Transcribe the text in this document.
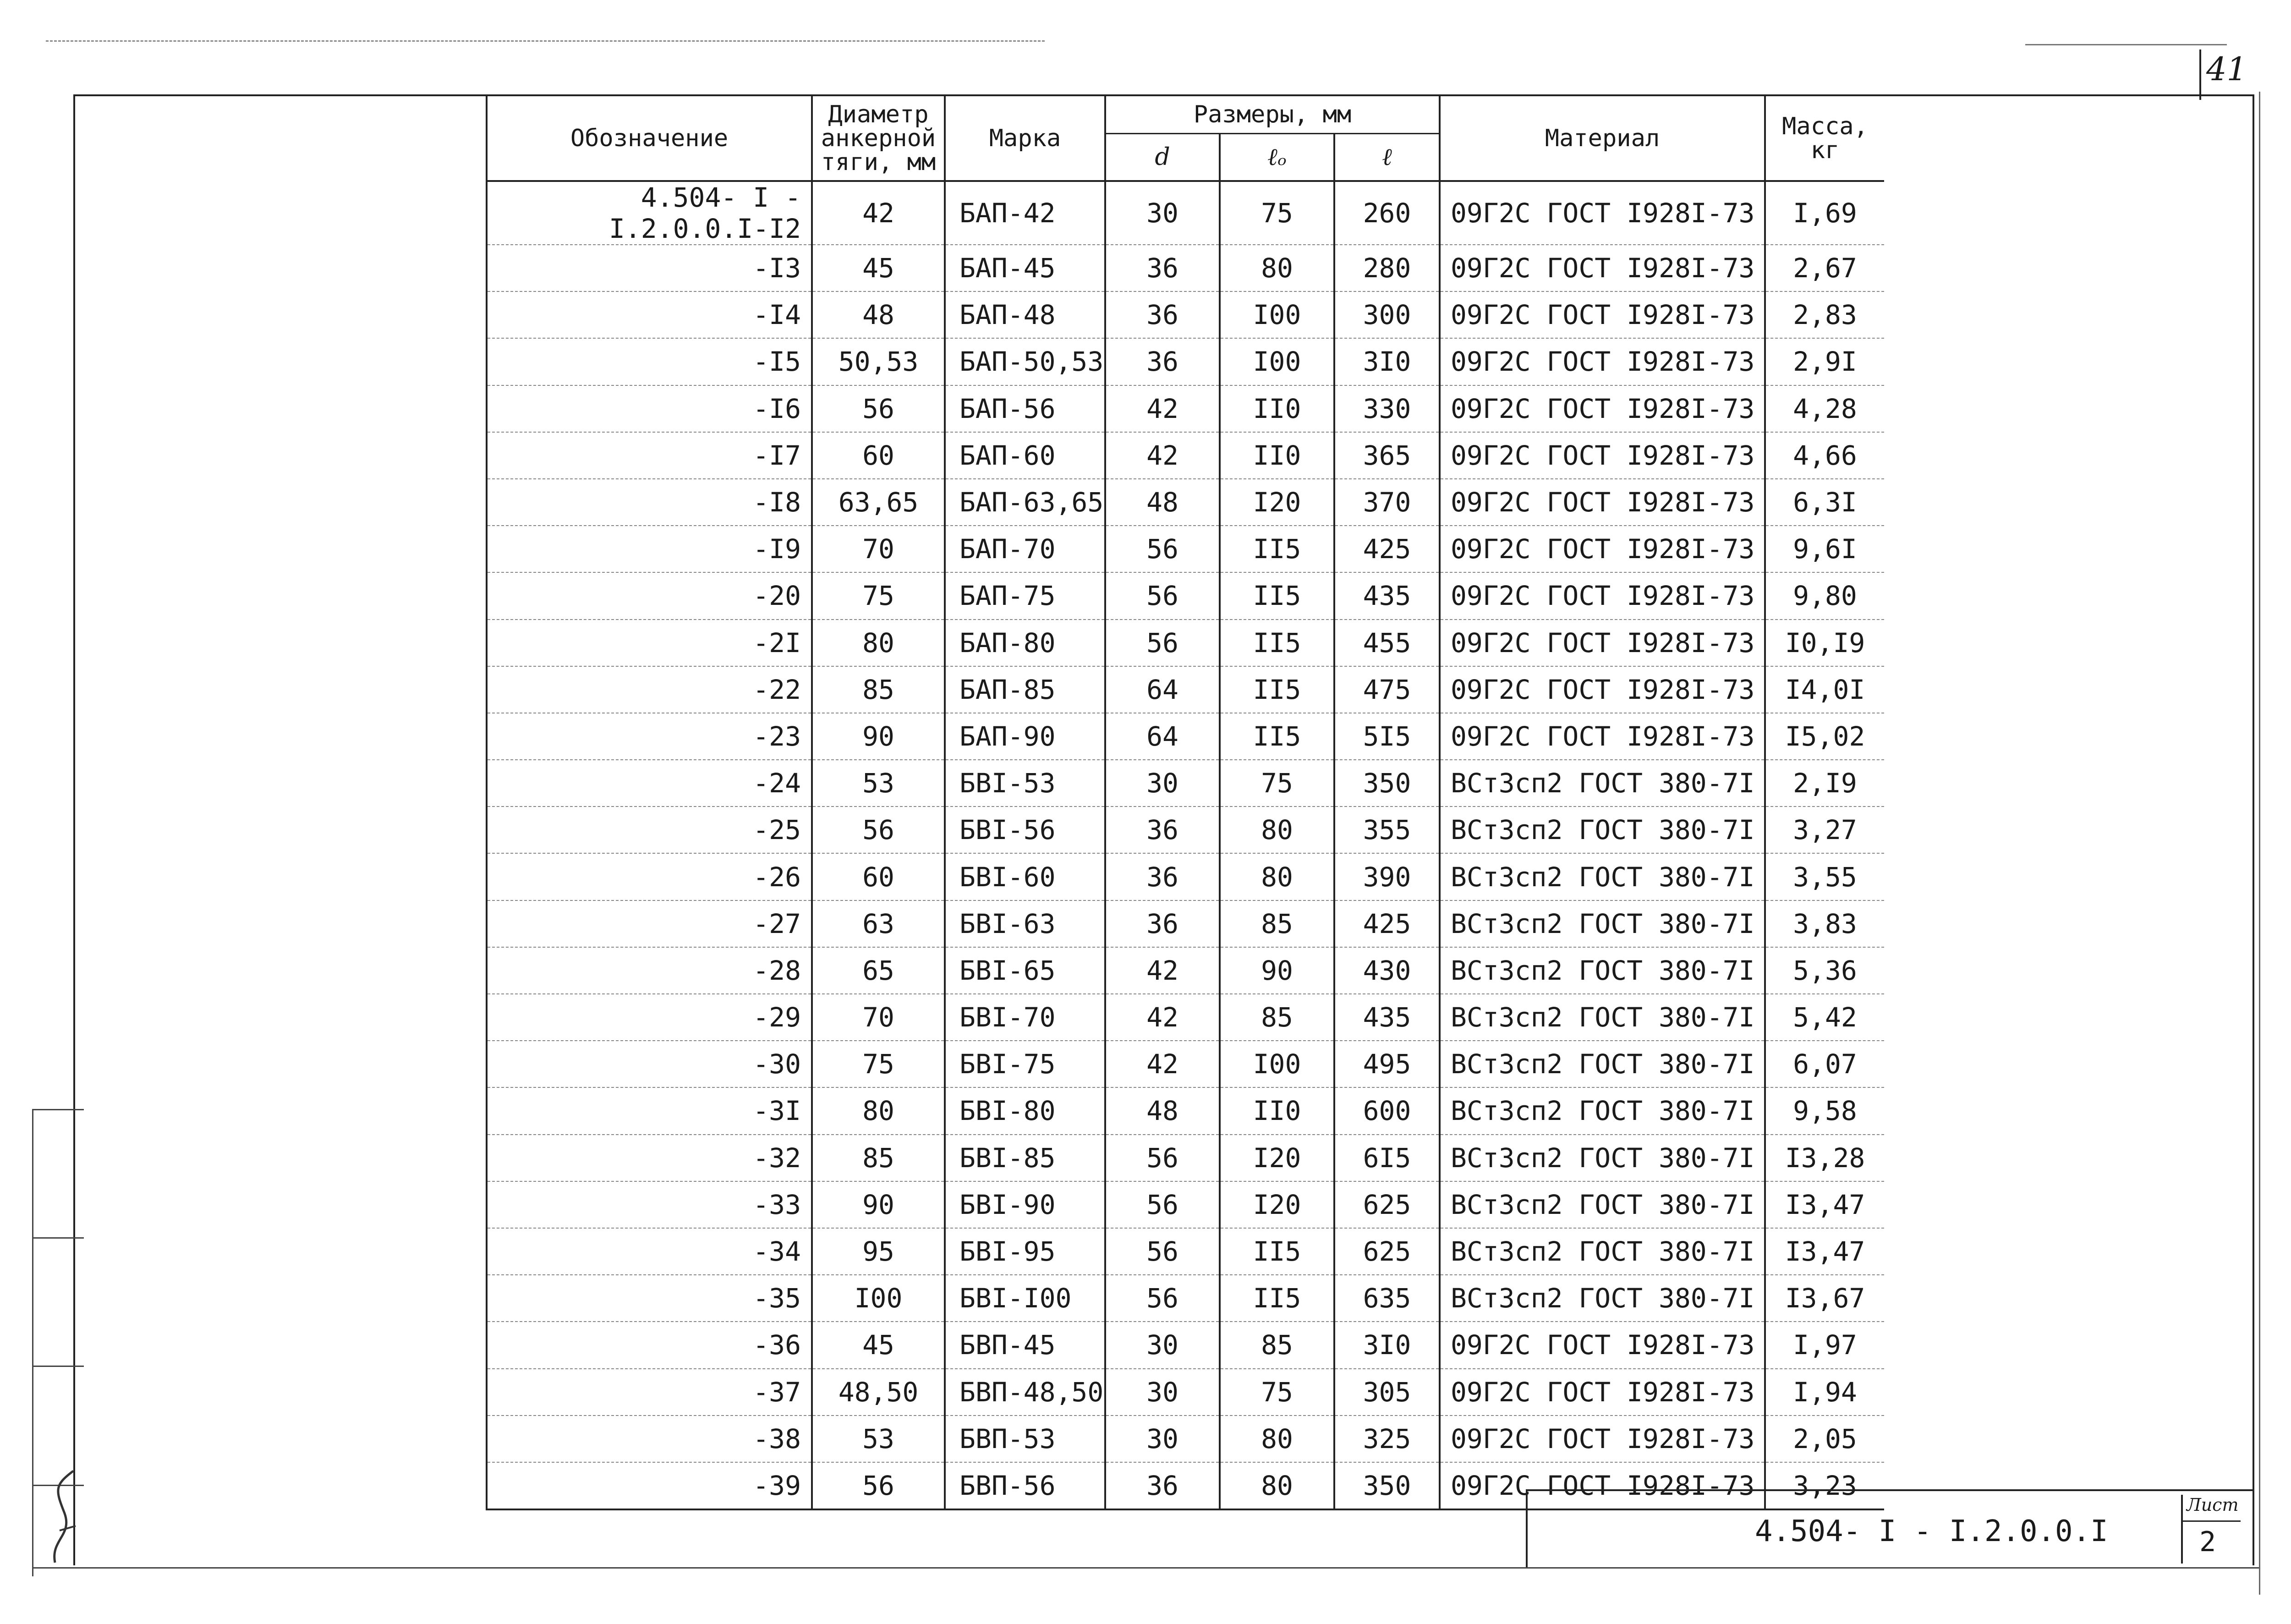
41
Обозначение	Диаметр анкерной тяги, мм	Марка	Размеры, мм			Материал	Масса, кг
			d	ℓₒ	ℓ		
4.504- I -I.2.0.0.I-I2	42	БАП-42	30	75	260	09Г2С ГОСТ I928I-73	I,69
-I3	45	БАП-45	36	80	280	09Г2С ГОСТ I928I-73	2,67
-I4	48	БАП-48	36	I00	300	09Г2С ГОСТ I928I-73	2,83
-I5	50,53	БАП-50,53	36	I00	3I0	09Г2С ГОСТ I928I-73	2,9I
-I6	56	БАП-56	42	II0	330	09Г2С ГОСТ I928I-73	4,28
-I7	60	БАП-60	42	II0	365	09Г2С ГОСТ I928I-73	4,66
-I8	63,65	БАП-63,65	48	I20	370	09Г2С ГОСТ I928I-73	6,3I
-I9	70	БАП-70	56	II5	425	09Г2С ГОСТ I928I-73	9,6I
-20	75	БАП-75	56	II5	435	09Г2С ГОСТ I928I-73	9,80
-2I	80	БАП-80	56	II5	455	09Г2С ГОСТ I928I-73	I0,I9
-22	85	БАП-85	64	II5	475	09Г2С ГОСТ I928I-73	I4,0I
-23	90	БАП-90	64	II5	5I5	09Г2С ГОСТ I928I-73	I5,02
-24	53	БВI-53	30	75	350	ВСт3сп2 ГОСТ 380-7I	2,I9
-25	56	БВI-56	36	80	355	ВСт3сп2 ГОСТ 380-7I	3,27
-26	60	БВI-60	36	80	390	ВСт3сп2 ГОСТ 380-7I	3,55
-27	63	БВI-63	36	85	425	ВСт3сп2 ГОСТ 380-7I	3,83
-28	65	БВI-65	42	90	430	ВСт3сп2 ГОСТ 380-7I	5,36
-29	70	БВI-70	42	85	435	ВСт3сп2 ГОСТ 380-7I	5,42
-30	75	БВI-75	42	I00	495	ВСт3сп2 ГОСТ 380-7I	6,07
-3I	80	БВI-80	48	II0	600	ВСт3сп2 ГОСТ 380-7I	9,58
-32	85	БВI-85	56	I20	6I5	ВСт3сп2 ГОСТ 380-7I	I3,28
-33	90	БВI-90	56	I20	625	ВСт3сп2 ГОСТ 380-7I	I3,47
-34	95	БВI-95	56	II5	625	ВСт3сп2 ГОСТ 380-7I	I3,47
-35	I00	БВI-I00	56	II5	635	ВСт3сп2 ГОСТ 380-7I	I3,67
-36	45	БВП-45	30	85	3I0	09Г2С ГОСТ I928I-73	I,97
-37	48,50	БВП-48,50	30	75	305	09Г2С ГОСТ I928I-73	I,94
-38	53	БВП-53	30	80	325	09Г2С ГОСТ I928I-73	2,05
-39	56	БВП-56	36	80	350	09Г2С ГОСТ I928I-73	3,23
4.504- I - I.2.0.0.I
Лист
2
